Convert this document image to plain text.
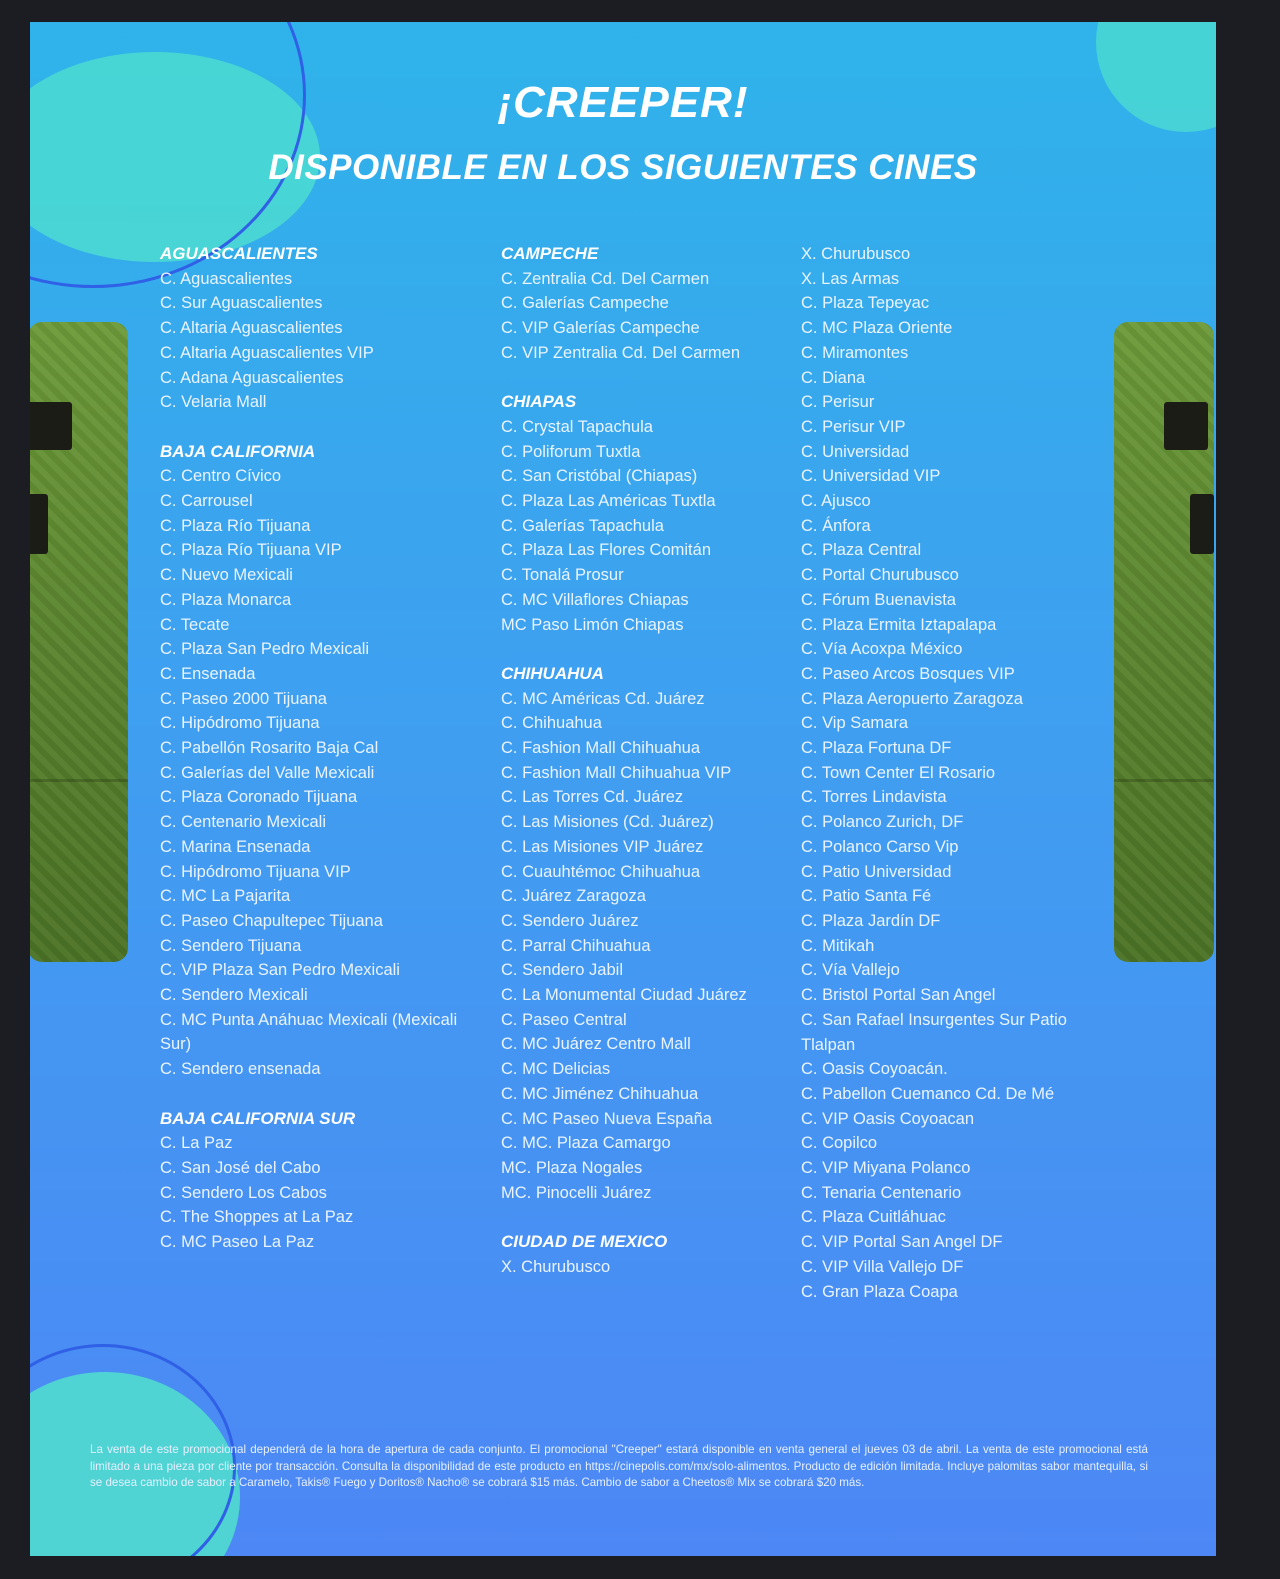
¡CREEPER!
DISPONIBLE EN LOS SIGUIENTES CINES
AGUASCALIENTES
C. Aguascalientes
C. Sur Aguascalientes
C. Altaria Aguascalientes
C. Altaria Aguascalientes VIP
C. Adana Aguascalientes
C. Velaria Mall
BAJA CALIFORNIA
C. Centro Cívico
C. Carrousel
C. Plaza Río Tijuana
C. Plaza Río Tijuana VIP
C. Nuevo Mexicali
C. Plaza Monarca
C. Tecate
C. Plaza San Pedro Mexicali
C. Ensenada
C. Paseo 2000 Tijuana
C. Hipódromo Tijuana
C. Pabellón Rosarito Baja Cal
C. Galerías del Valle Mexicali
C. Plaza Coronado Tijuana
C. Centenario Mexicali
C. Marina Ensenada
C. Hipódromo Tijuana VIP
C. MC La Pajarita
C. Paseo Chapultepec Tijuana
C. Sendero Tijuana
C. VIP Plaza San Pedro Mexicali
C. Sendero Mexicali
C. MC Punta Anáhuac Mexicali (Mexicali Sur)
C. Sendero ensenada
BAJA CALIFORNIA SUR
C. La Paz
C. San José del Cabo
C. Sendero Los Cabos
C. The Shoppes at La Paz
C. MC Paseo La Paz
CAMPECHE
C. Zentralia Cd. Del Carmen
C. Galerías Campeche
C. VIP Galerías Campeche
C. VIP Zentralia Cd. Del Carmen
CHIAPAS
C. Crystal Tapachula
C. Poliforum Tuxtla
C. San Cristóbal (Chiapas)
C. Plaza Las Américas Tuxtla
C. Galerías Tapachula
C. Plaza Las Flores Comitán
C. Tonalá Prosur
C. MC Villaflores Chiapas
MC Paso Limón Chiapas
CHIHUAHUA
C. MC Américas Cd. Juárez
C. Chihuahua
C. Fashion Mall Chihuahua
C. Fashion Mall Chihuahua VIP
C. Las Torres Cd. Juárez
C. Las Misiones (Cd. Juárez)
C. Las Misiones VIP Juárez
C. Cuauhtémoc Chihuahua
C. Juárez Zaragoza
C. Sendero Juárez
C. Parral Chihuahua
C. Sendero Jabil
C. La Monumental Ciudad Juárez
C. Paseo Central
C. MC Juárez Centro Mall
C. MC Delicias
C. MC Jiménez Chihuahua
C. MC Paseo Nueva España
C. MC. Plaza Camargo
MC. Plaza Nogales
MC. Pinocelli Juárez
CIUDAD DE MEXICO
X. Churubusco
X. Churubusco
X. Las Armas
C. Plaza Tepeyac
C. MC Plaza Oriente
C. Miramontes
C. Diana
C. Perisur
C. Perisur VIP
C. Universidad
C. Universidad VIP
C. Ajusco
C. Ánfora
C. Plaza Central
C. Portal Churubusco
C. Fórum Buenavista
C. Plaza Ermita Iztapalapa
C. Vía Acoxpa México
C. Paseo Arcos Bosques VIP
C. Plaza Aeropuerto Zaragoza
C. Vip Samara
C. Plaza Fortuna DF
C. Town Center El Rosario
C. Torres Lindavista
C. Polanco Zurich, DF
C. Polanco Carso Vip
C. Patio Universidad
C. Patio Santa Fé
C. Plaza Jardín DF
C. Mitikah
C. Vía Vallejo
C. Bristol Portal San Angel
C. San Rafael Insurgentes Sur Patio Tlalpan
C. Oasis Coyoacán.
C. Pabellon Cuemanco Cd. De Mé
C. VIP Oasis Coyoacan
C. Copilco
C. VIP Miyana Polanco
C. Tenaria Centenario
C. Plaza Cuitláhuac
C. VIP Portal San Angel DF
C. VIP Villa Vallejo DF
C. Gran Plaza Coapa

La venta de este promocional dependerá de la hora de apertura de cada conjunto. El promocional "Creeper" estará disponible en venta general el jueves 03 de abril. La venta de este promocional está limitado a una pieza por cliente por transacción. Consulta la disponibilidad de este producto en https://cinepolis.com/mx/solo-alimentos. Producto de edición limitada. Incluye palomitas sabor mantequilla, si se desea cambio de sabor a Caramelo, Takis® Fuego y Doritos® Nacho® se cobrará $15 más. Cambio de sabor a Cheetos® Mix se cobrará $20 más.
